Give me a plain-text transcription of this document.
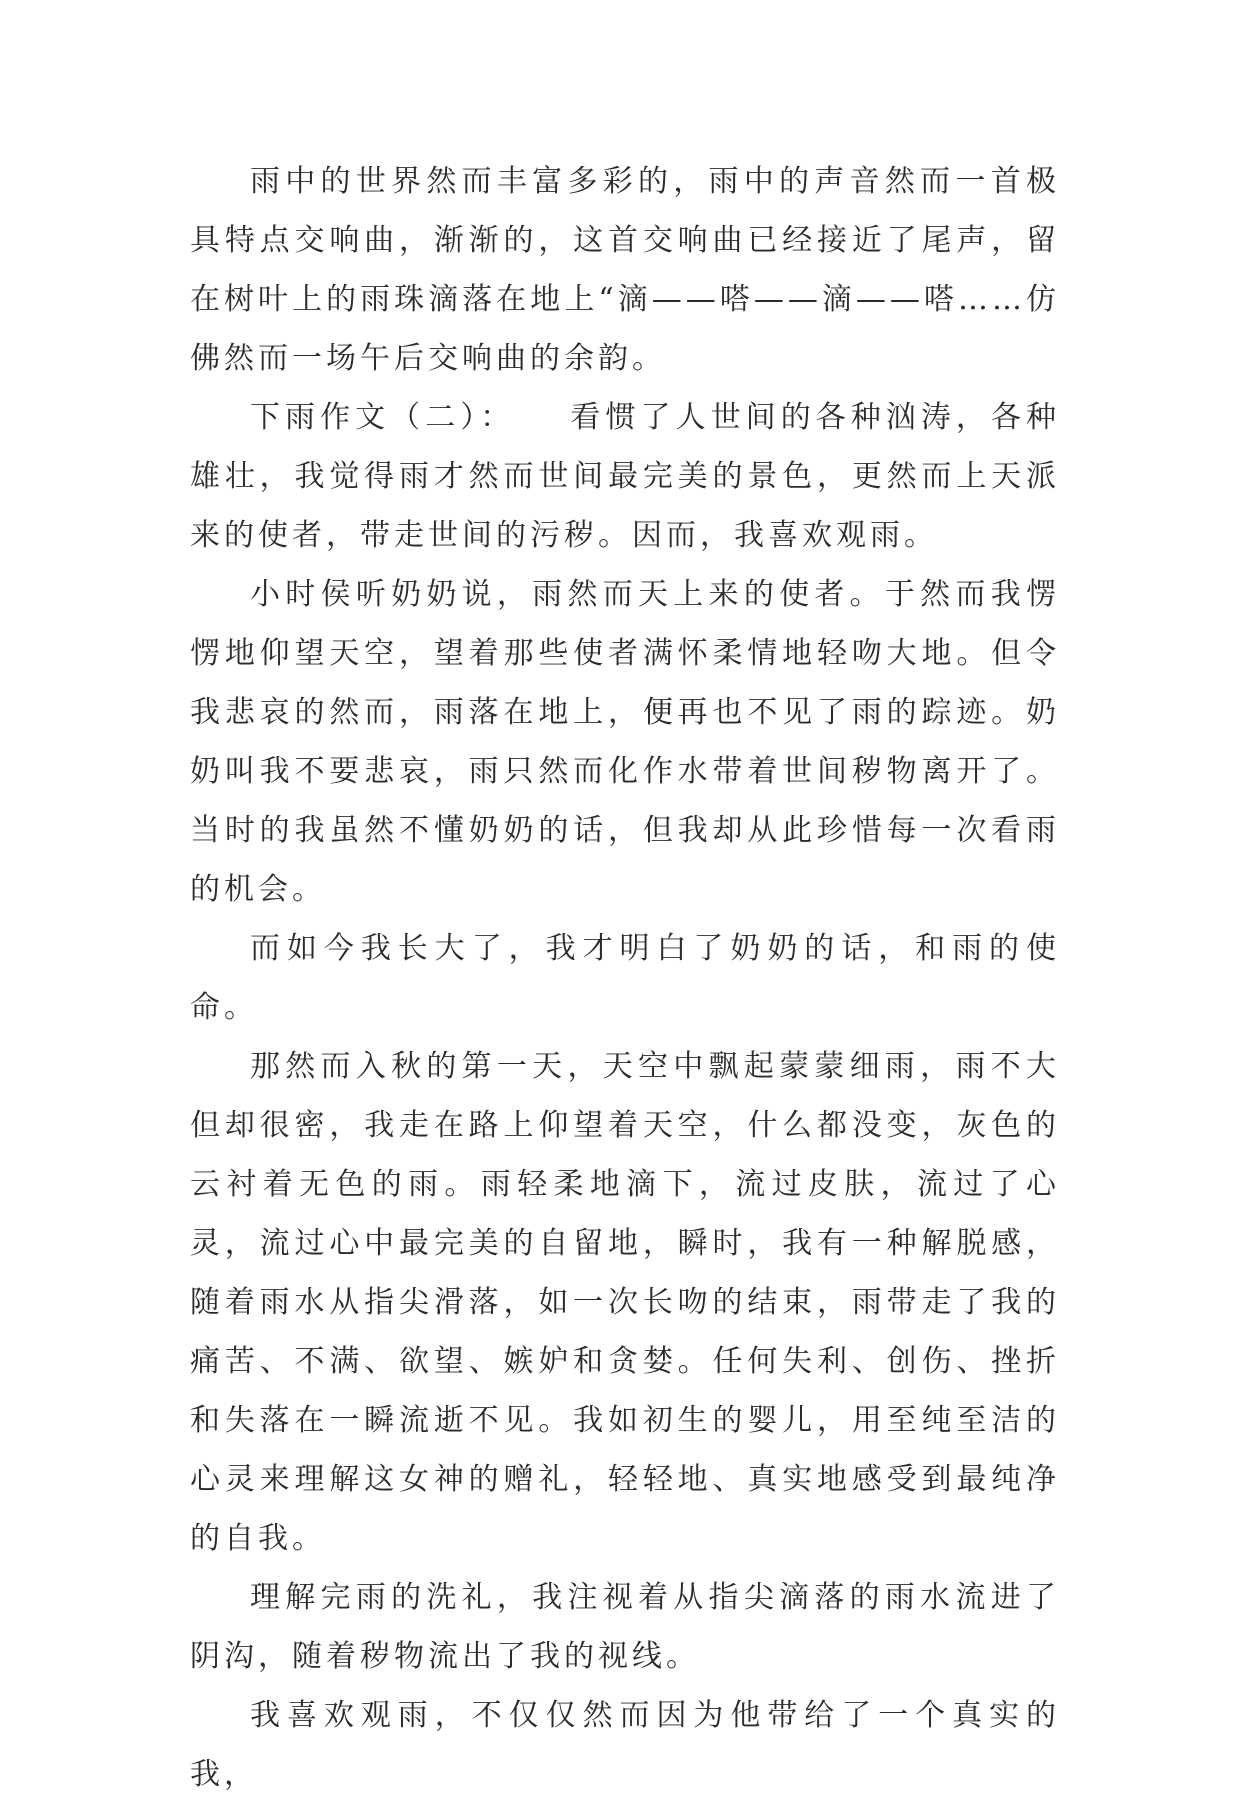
雨中的世界然而丰富多彩的，雨中的声音然而一首极具特点交响曲，渐渐的，这首交响曲已经接近了尾声，留在树叶上的雨珠滴落在地上“滴——嗒——滴——嗒……仿佛然而一场午后交响曲的余韵。

下雨作文（二）：　　看惯了人世间的各种汹涛，各种雄壮，我觉得雨才然而世间最完美的景色，更然而上天派来的使者，带走世间的污秽。因而，我喜欢观雨。

小时侯听奶奶说，雨然而天上来的使者。于然而我愣愣地仰望天空，望着那些使者满怀柔情地轻吻大地。但令我悲哀的然而，雨落在地上，便再也不见了雨的踪迹。奶奶叫我不要悲哀，雨只然而化作水带着世间秽物离开了。当时的我虽然不懂奶奶的话，但我却从此珍惜每一次看雨的机会。

而如今我长大了，我才明白了奶奶的话，和雨的使命。

那然而入秋的第一天，天空中飘起蒙蒙细雨，雨不大但却很密，我走在路上仰望着天空，什么都没变，灰色的云衬着无色的雨。雨轻柔地滴下，流过皮肤，流过了心灵，流过心中最完美的自留地，瞬时，我有一种解脱感，随着雨水从指尖滑落，如一次长吻的结束，雨带走了我的痛苦、不满、欲望、嫉妒和贪婪。任何失利、创伤、挫折和失落在一瞬流逝不见。我如初生的婴儿，用至纯至洁的心灵来理解这女神的赠礼，轻轻地、真实地感受到最纯净的自我。

理解完雨的洗礼，我注视着从指尖滴落的雨水流进了阴沟，随着秽物流出了我的视线。

我喜欢观雨，不仅仅然而因为他带给了一个真实的我，
